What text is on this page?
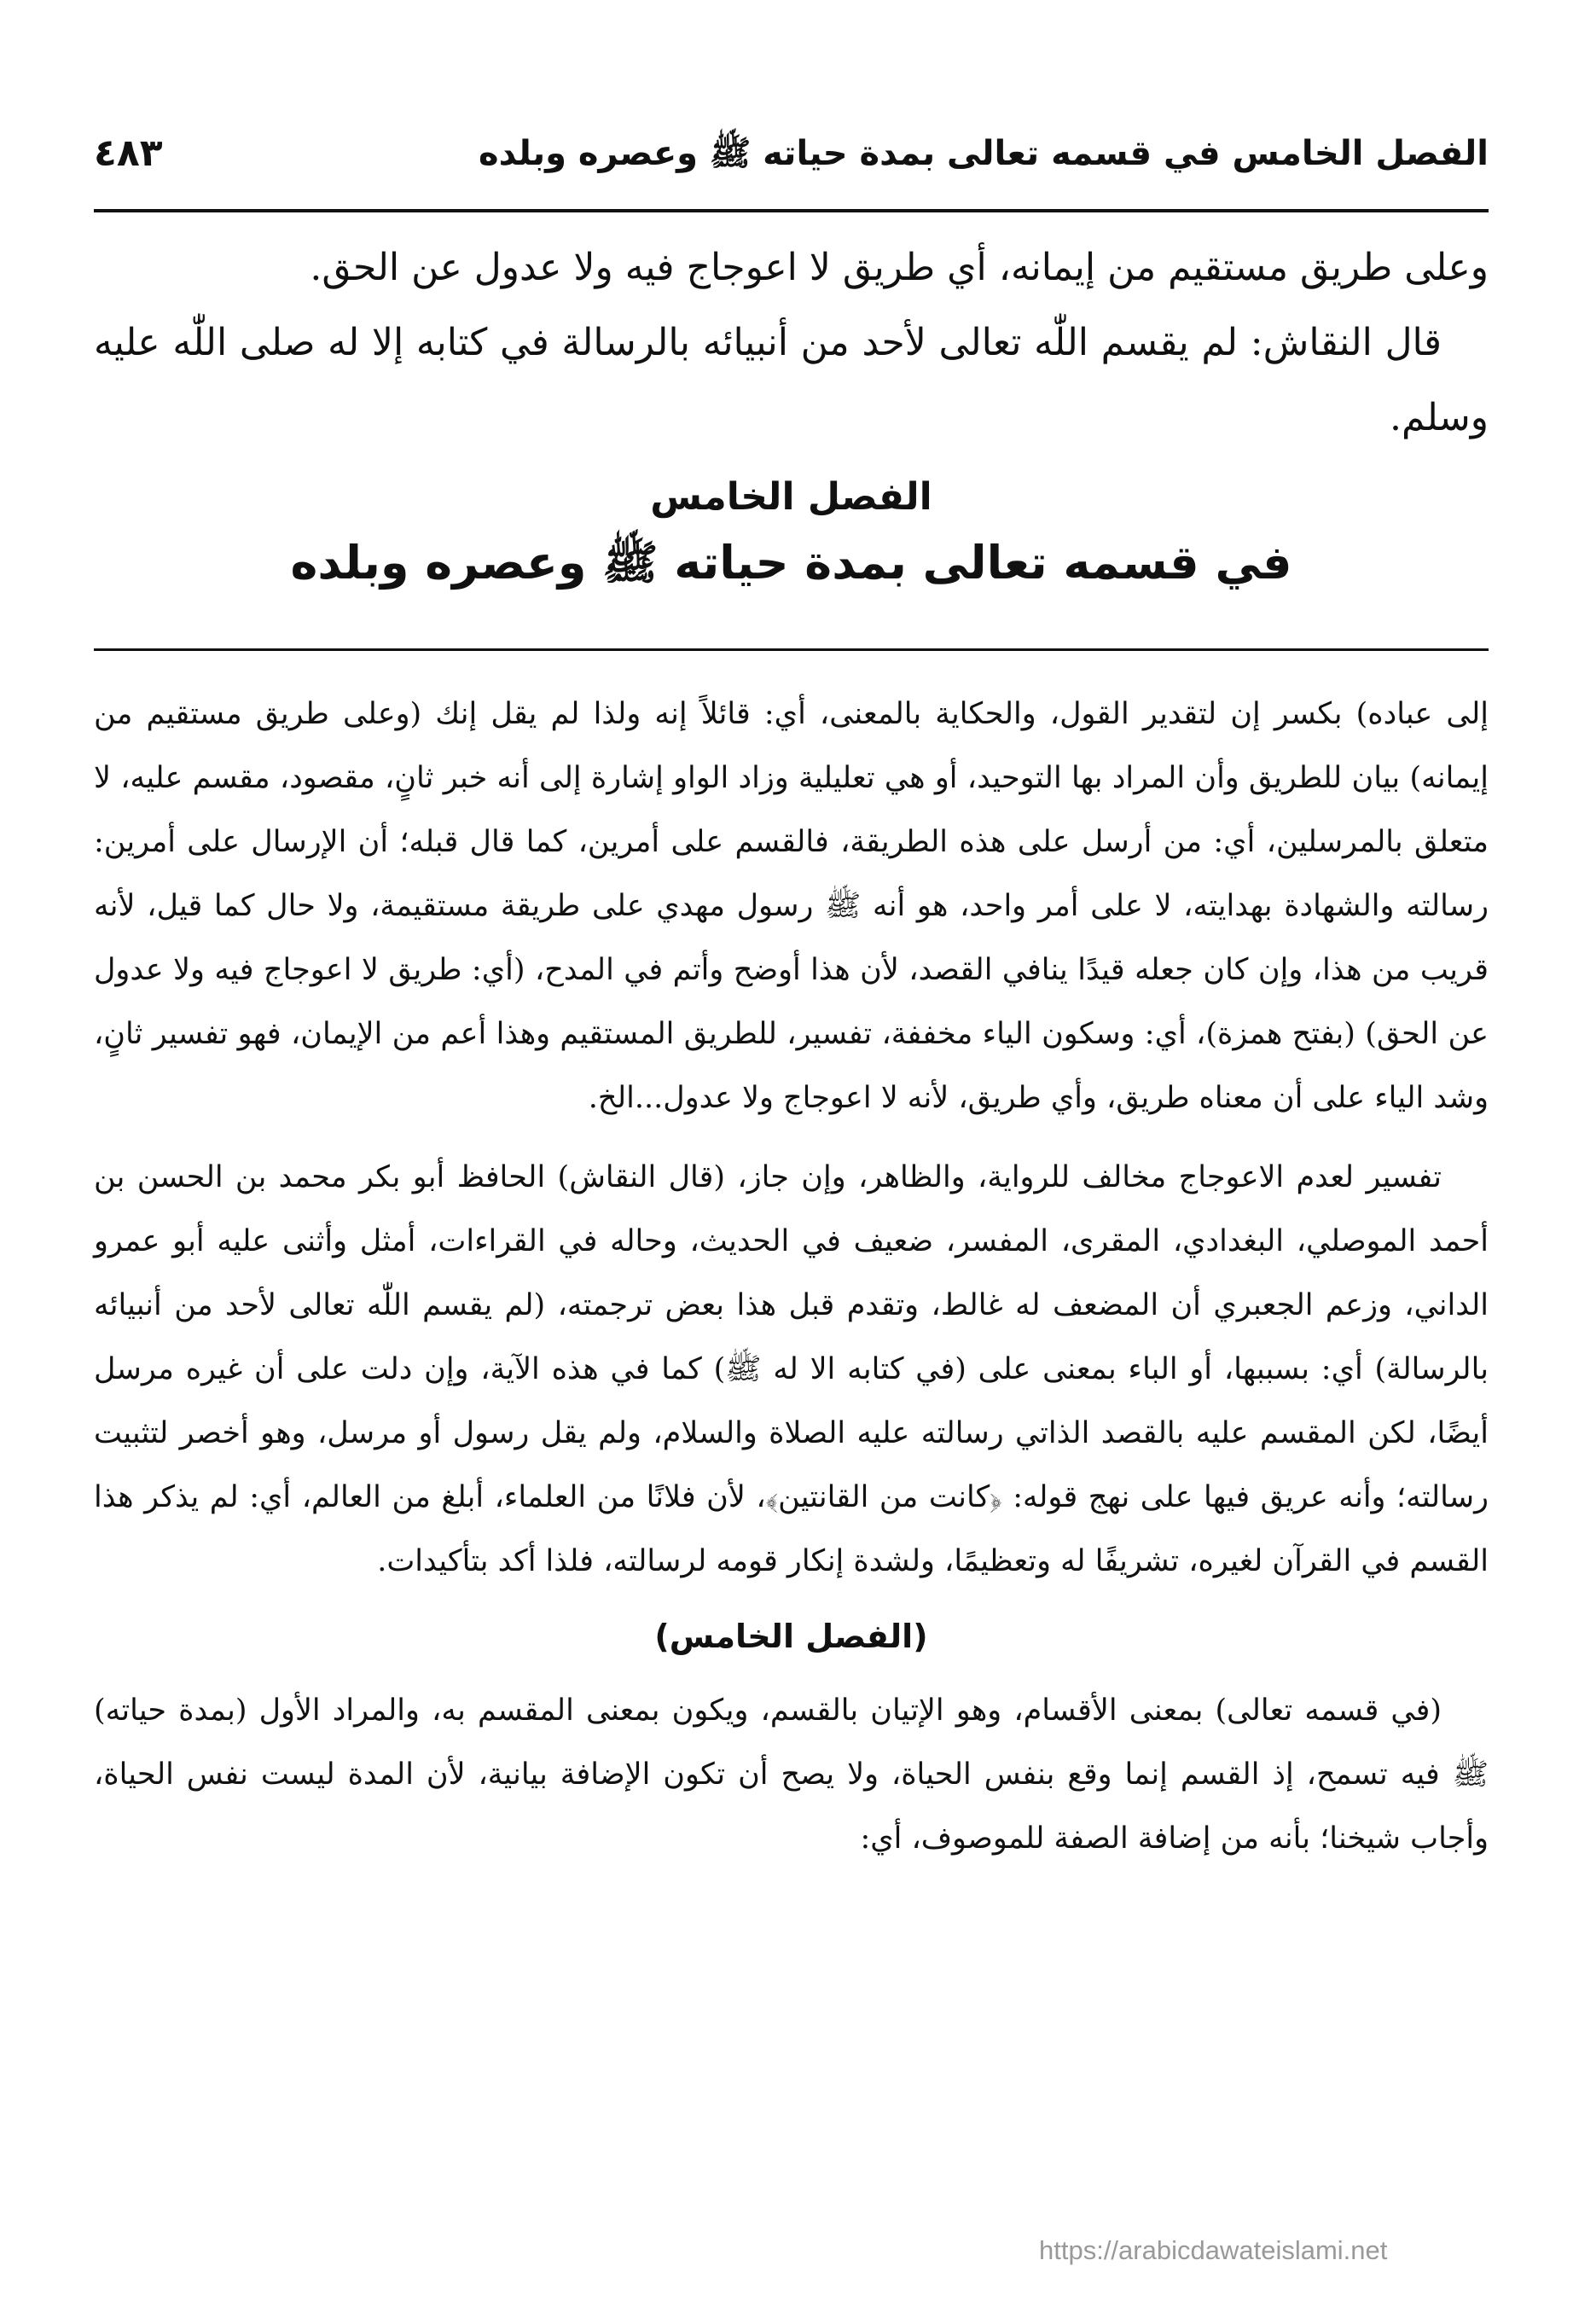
الفصل الخامس في قسمه تعالى بمدة حياته ﷺ وعصره وبلده
٤٨٣

وعلى طريق مستقيم من إيمانه، أي طريق لا اعوجاج فيه ولا عدول عن الحق.

قال النقاش: لم يقسم اللّٰه تعالى لأحد من أنبيائه بالرسالة في كتابه إلا له صلى اللّٰه عليه وسلم.

الفصل الخامس
في قسمه تعالى بمدة حياته ﷺ وعصره وبلده

إلى عباده) بكسر إن لتقدير القول، والحكاية بالمعنى، أي: قائلاً إنه ولذا لم يقل إنك (وعلى طريق مستقيم من إيمانه) بيان للطريق وأن المراد بها التوحيد، أو هي تعليلية وزاد الواو إشارة إلى أنه خبر ثانٍ، مقصود، مقسم عليه، لا متعلق بالمرسلين، أي: من أرسل على هذه الطريقة، فالقسم على أمرين، كما قال قبله؛ أن الإرسال على أمرين: رسالته والشهادة بهدايته، لا على أمر واحد، هو أنه ﷺ رسول مهدي على طريقة مستقيمة، ولا حال كما قيل، لأنه قريب من هذا، وإن كان جعله قيدًا ينافي القصد، لأن هذا أوضح وأتم في المدح، (أي: طريق لا اعوجاج فيه ولا عدول عن الحق) (بفتح همزة)، أي: وسكون الياء مخففة، تفسير، للطريق المستقيم وهذا أعم من الإيمان، فهو تفسير ثانٍ، وشد الياء على أن معناه طريق، وأي طريق، لأنه لا اعوجاج ولا عدول...الخ.

تفسير لعدم الاعوجاج مخالف للرواية، والظاهر، وإن جاز، (قال النقاش) الحافظ أبو بكر محمد بن الحسن بن أحمد الموصلي، البغدادي، المقرى، المفسر، ضعيف في الحديث، وحاله في القراءات، أمثل وأثنى عليه أبو عمرو الداني، وزعم الجعبري أن المضعف له غالط، وتقدم قبل هذا بعض ترجمته، (لم يقسم اللّٰه تعالى لأحد من أنبيائه بالرسالة) أي: بسببها، أو الباء بمعنى على (في كتابه الا له ﷺ) كما في هذه الآية، وإن دلت على أن غيره مرسل أيضًا، لكن المقسم عليه بالقصد الذاتي رسالته عليه الصلاة والسلام، ولم يقل رسول أو مرسل، وهو أخصر لتثبيت رسالته؛ وأنه عريق فيها على نهج قوله: ﴿كانت من القانتين﴾، لأن فلانًا من العلماء، أبلغ من العالم، أي: لم يذكر هذا القسم في القرآن لغيره، تشريفًا له وتعظيمًا، ولشدة إنكار قومه لرسالته، فلذا أكد بتأكيدات.

(الفصل الخامس)

(في قسمه تعالى) بمعنى الأقسام، وهو الإتيان بالقسم، ويكون بمعنى المقسم به، والمراد الأول (بمدة حياته) ﷺ فيه تسمح، إذ القسم إنما وقع بنفس الحياة، ولا يصح أن تكون الإضافة بيانية، لأن المدة ليست نفس الحياة، وأجاب شيخنا؛ بأنه من إضافة الصفة للموصوف، أي:

https://arabicdawateislami.net
